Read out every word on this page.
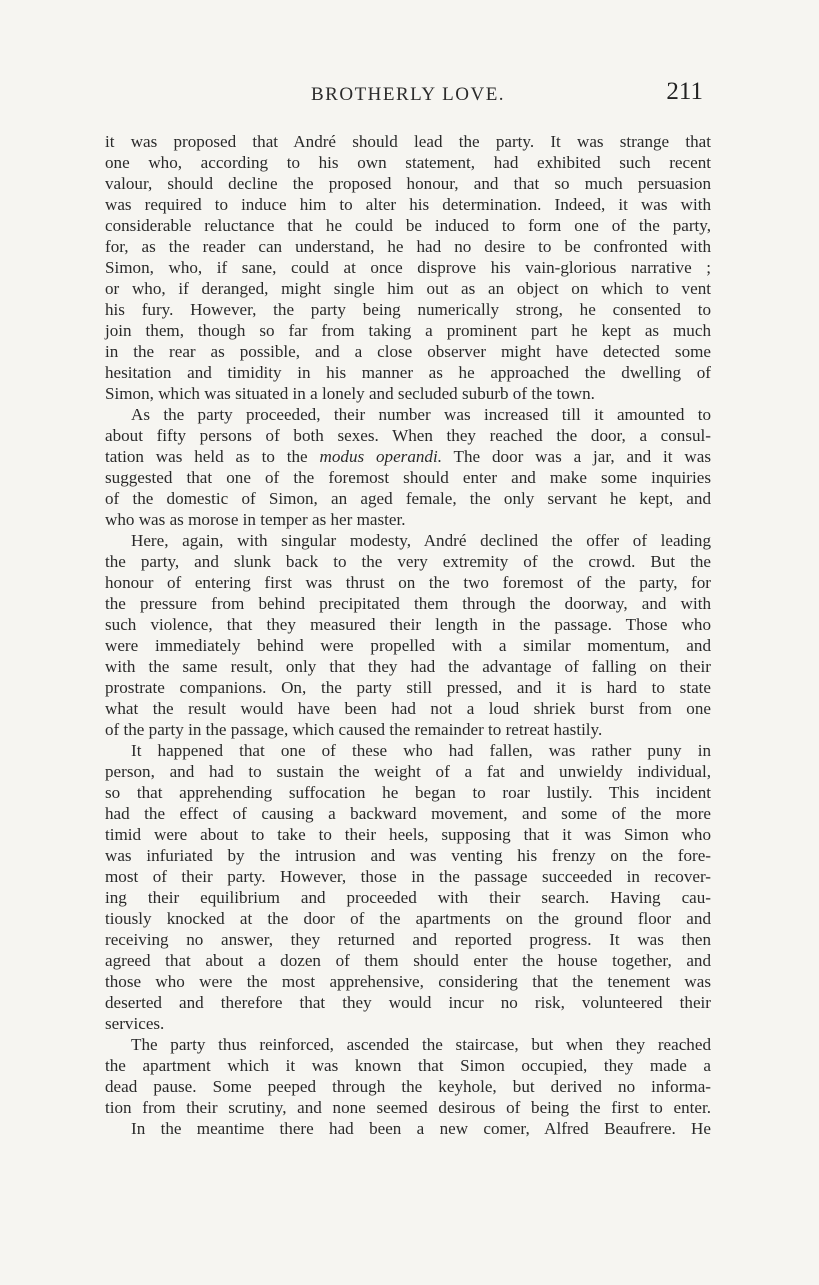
BROTHERLY LOVE.	211
it was proposed that André should lead the party. It was strange that
one who, according to his own statement, had exhibited such recent
valour, should decline the proposed honour, and that so much persuasion
was required to induce him to alter his determination. Indeed, it was with
considerable reluctance that he could be induced to form one of the party,
for, as the reader can understand, he had no desire to be confronted with
Simon, who, if sane, could at once disprove his vain-glorious narrative ;
or who, if deranged, might single him out as an object on which to vent
his fury. However, the party being numerically strong, he consented to
join them, though so far from taking a prominent part he kept as much
in the rear as possible, and a close observer might have detected some
hesitation and timidity in his manner as he approached the dwelling of
Simon, which was situated in a lonely and secluded suburb of the town.
As the party proceeded, their number was increased till it amounted to
about fifty persons of both sexes. When they reached the door, a consul-
tation was held as to the modus operandi. The door was a jar, and it was
suggested that one of the foremost should enter and make some inquiries
of the domestic of Simon, an aged female, the only servant he kept, and
who was as morose in temper as her master.
Here, again, with singular modesty, André declined the offer of leading
the party, and slunk back to the very extremity of the crowd. But the
honour of entering first was thrust on the two foremost of the party, for
the pressure from behind precipitated them through the doorway, and with
such violence, that they measured their length in the passage. Those who
were immediately behind were propelled with a similar momentum, and
with the same result, only that they had the advantage of falling on their
prostrate companions. On, the party still pressed, and it is hard to state
what the result would have been had not a loud shriek burst from one
of the party in the passage, which caused the remainder to retreat hastily.
It happened that one of these who had fallen, was rather puny in
person, and had to sustain the weight of a fat and unwieldy individual,
so that apprehending suffocation he began to roar lustily. This incident
had the effect of causing a backward movement, and some of the more
timid were about to take to their heels, supposing that it was Simon who
was infuriated by the intrusion and was venting his frenzy on the fore-
most of their party. However, those in the passage succeeded in recover-
ing their equilibrium and proceeded with their search. Having cau-
tiously knocked at the door of the apartments on the ground floor and
receiving no answer, they returned and reported progress. It was then
agreed that about a dozen of them should enter the house together, and
those who were the most apprehensive, considering that the tenement was
deserted and therefore that they would incur no risk, volunteered their
services.
The party thus reinforced, ascended the staircase, but when they reached
the apartment which it was known that Simon occupied, they made a
dead pause. Some peeped through the keyhole, but derived no informa-
tion from their scrutiny, and none seemed desirous of being the first to enter.
In the meantime there had been a new comer, Alfred Beaufrere. He
